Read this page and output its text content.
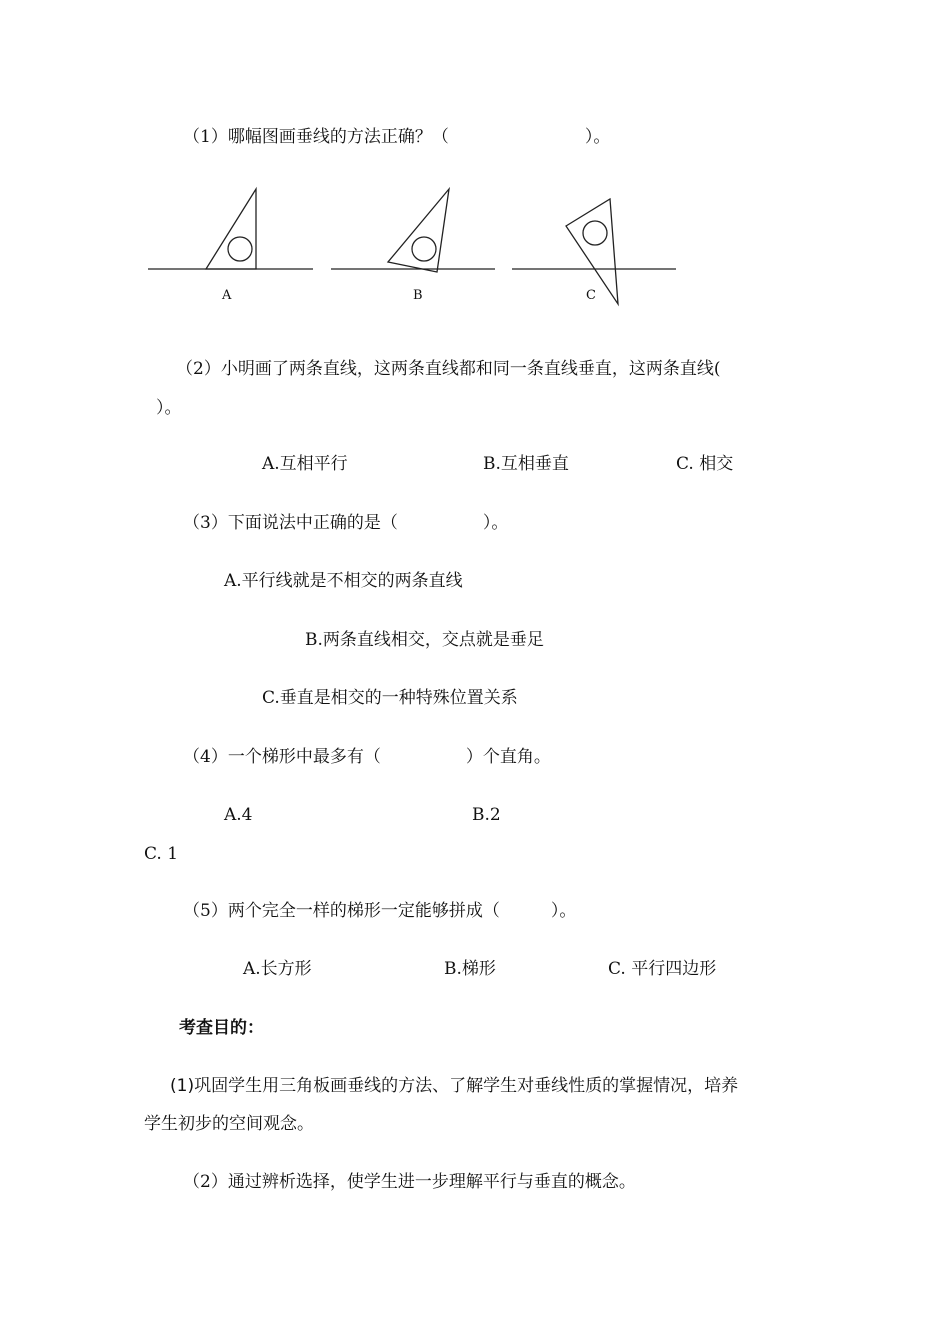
（1）哪幅图画垂线的方法正确？（　　　　　　　　）。
A	B	C
（2）小明画了两条直线，这两条直线都和同一条直线垂直，这两条直线(
）。
A.互相平行	B.互相垂直	C. 相交
（3）下面说法中正确的是（　　　　　）。
A.平行线就是不相交的两条直线
B.两条直线相交，交点就是垂足
C.垂直是相交的一种特殊位置关系
（4）一个梯形中最多有（　　　　　）个直角。
A.4	B.2
C. 1
（5）两个完全一样的梯形一定能够拼成（　　　）。
A.长方形	B.梯形	C. 平行四边形
考查目的：
(1)巩固学生用三角板画垂线的方法、了解学生对垂线性质的掌握情况，培养
学生初步的空间观念。
（2）通过辨析选择，使学生进一步理解平行与垂直的概念。
